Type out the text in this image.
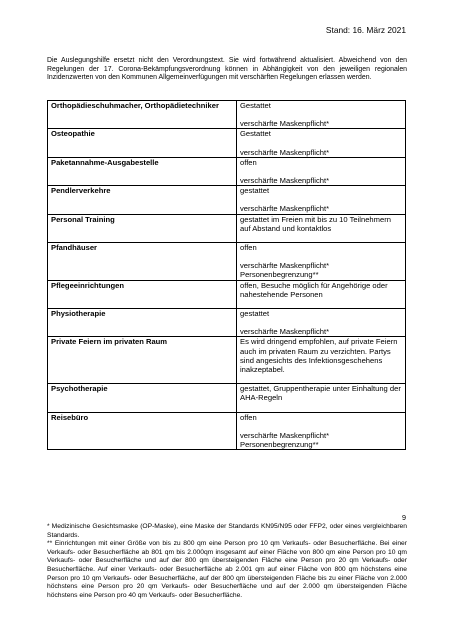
Stand: 16. März 2021
Die Auslegungshilfe ersetzt nicht den Verordnungstext. Sie wird fortwährend aktualisiert. Abweichend von den Regelungen der 17. Corona-Bekämpfungsverordnung können in Abhängigkeit von den jeweiligen regionalen Inzidenzwerten von den Kommunen Allgemeinverfügungen mit verschärften Regelungen erlassen werden.
Orthopädieschuhmacher, Orthopädietechniker	Gestattet
verschärfte Maskenpflicht*

Osteopathie	Gestattet
verschärfte Maskenpflicht*

Paketannahme-Ausgabestelle	offen
verschärfte Maskenpflicht*

Pendlerverkehre	gestattet
verschärfte Maskenpflicht*

Personal Training	gestattet im Freien mit bis zu 10 Teilnehmern auf Abstand und kontaktlos

Pfandhäuser	offen
verschärfte Maskenpflicht* Personenbegrenzung**

Pflegeeinrichtungen	offen, Besuche möglich für Angehörige oder nahestehende Personen

Physiotherapie	gestattet
verschärfte Maskenpflicht*

Private Feiern im privaten Raum	Es wird dringend empfohlen, auf private Feiern auch im privaten Raum zu verzichten. Partys sind angesichts des Infektionsgeschehens inakzeptabel.

Psychotherapie	gestattet, Gruppentherapie unter Einhaltung der AHA-Regeln

Reisebüro	offen
verschärfte Maskenpflicht* Personenbegrenzung**
9

* Medizinische Gesichtsmaske (OP-Maske), eine Maske der Standards KN95/N95 oder FFP2, oder eines vergleichbaren Standards.

** Einrichtungen mit einer Größe von bis zu 800 qm eine Person pro 10 qm Verkaufs- oder Besucherfläche. Bei einer Verkaufs- oder Besucherfläche ab 801 qm bis 2.000qm insgesamt auf einer Fläche von 800 qm eine Person pro 10 qm Verkaufs- oder Besucherfläche und auf der 800 qm übersteigenden Fläche eine Person pro 20 qm Verkaufs- oder Besucherfläche. Auf einer Verkaufs- oder Besucherfläche ab 2.001 qm auf einer Fläche von 800 qm höchstens eine Person pro 10 qm Verkaufs- oder Besucherfläche, auf der 800 qm übersteigenden Fläche bis zu einer Fläche von 2.000 höchstens eine Person pro 20 qm Verkaufs- oder Besucherfläche und auf der 2.000 qm übersteigenden Fläche höchstens eine Person pro 40 qm Verkaufs- oder Besucherfläche.
